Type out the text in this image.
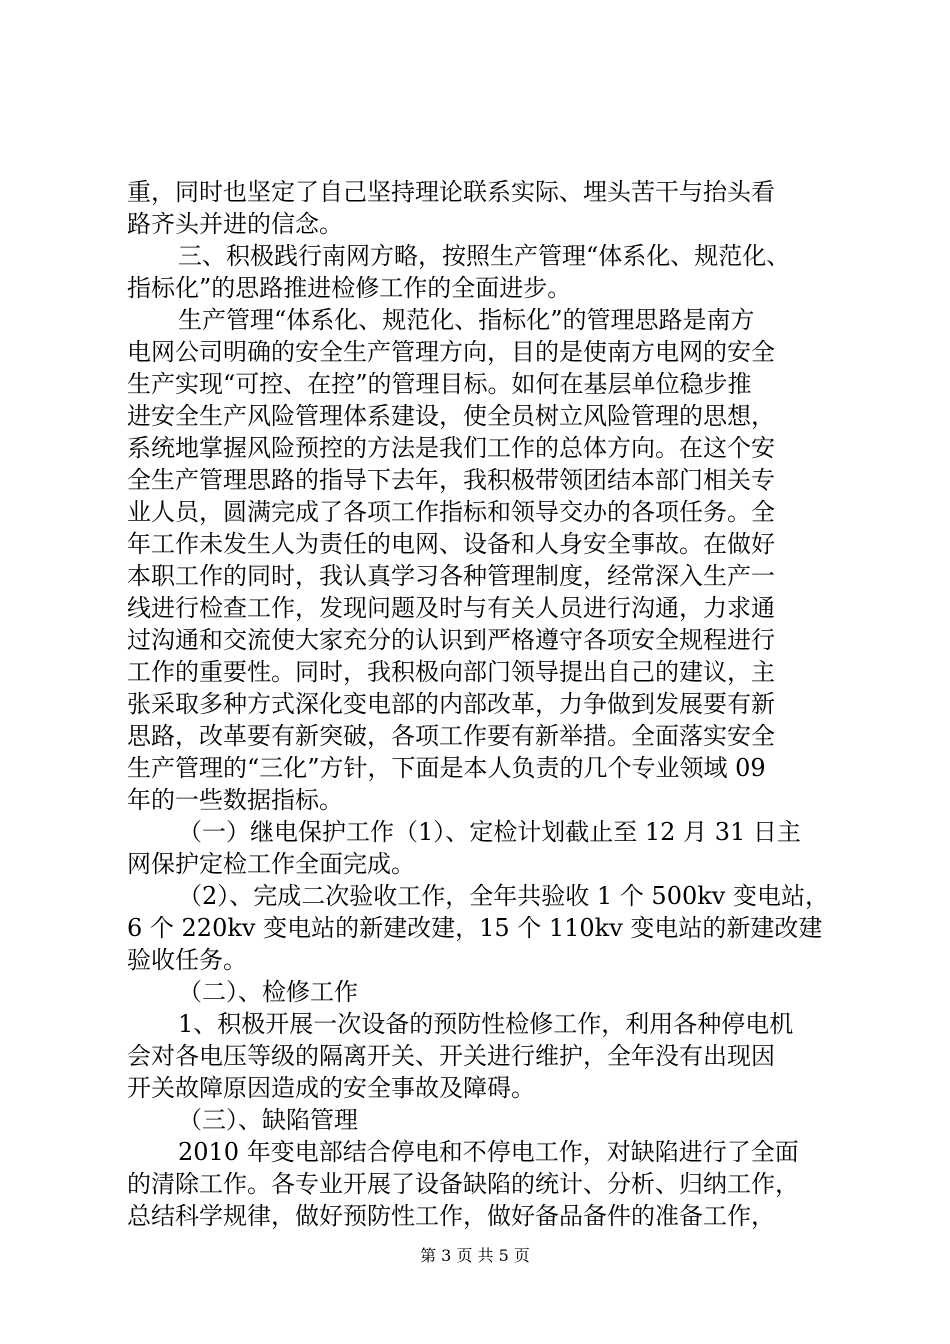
重，同时也坚定了自己坚持理论联系实际、埋头苦干与抬头看
路齐头并进的信念。
三、积极践行南网方略，按照生产管理“体系化、规范化、
指标化”的思路推进检修工作的全面进步。
生产管理“体系化、规范化、指标化”的管理思路是南方
电网公司明确的安全生产管理方向，目的是使南方电网的安全
生产实现“可控、在控”的管理目标。如何在基层单位稳步推
进安全生产风险管理体系建设，使全员树立风险管理的思想，
系统地掌握风险预控的方法是我们工作的总体方向。在这个安
全生产管理思路的指导下去年，我积极带领团结本部门相关专
业人员，圆满完成了各项工作指标和领导交办的各项任务。全
年工作未发生人为责任的电网、设备和人身安全事故。在做好
本职工作的同时，我认真学习各种管理制度，经常深入生产一
线进行检查工作，发现问题及时与有关人员进行沟通，力求通
过沟通和交流使大家充分的认识到严格遵守各项安全规程进行
工作的重要性。同时，我积极向部门领导提出自己的建议，主
张采取多种方式深化变电部的内部改革，力争做到发展要有新
思路，改革要有新突破，各项工作要有新举措。全面落实安全
生产管理的“三化”方针，下面是本人负责的几个专业领域 09
年的一些数据指标。
（一）继电保护工作（1）、定检计划截止至 12 月 31 日主
网保护定检工作全面完成。
（2）、完成二次验收工作，全年共验收 1 个 500kv 变电站，
6 个 220kv 变电站的新建改建，15 个 110kv 变电站的新建改建
验收任务。
（二）、检修工作
1、积极开展一次设备的预防性检修工作，利用各种停电机
会对各电压等级的隔离开关、开关进行维护，全年没有出现因
开关故障原因造成的安全事故及障碍。
（三）、缺陷管理
2010 年变电部结合停电和不停电工作，对缺陷进行了全面
的清除工作。各专业开展了设备缺陷的统计、分析、归纳工作，
总结科学规律，做好预防性工作，做好备品备件的准备工作，
第 3 页 共 5 页
